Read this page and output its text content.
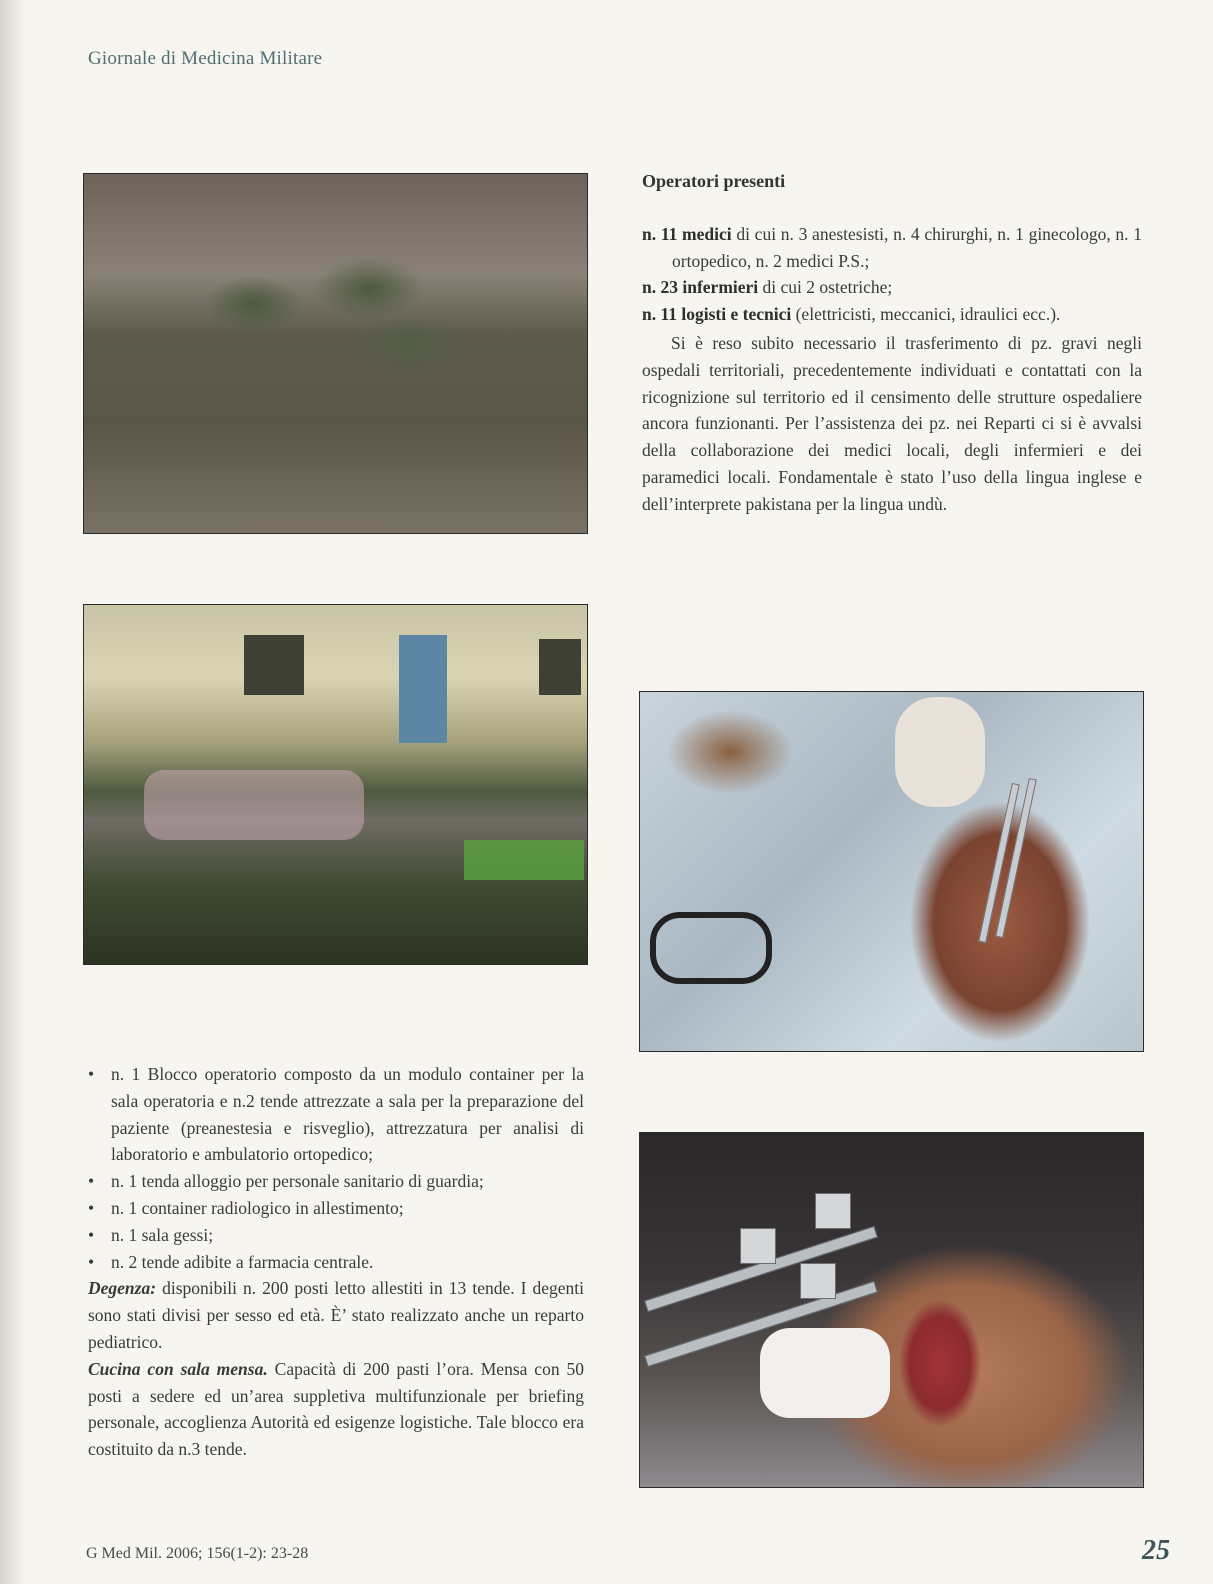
Giornale di Medicina Militare
Operatori presenti
n. 11 medici di cui n. 3 anestesisti, n. 4 chirurghi, n. 1 ginecologo, n. 1 ortopedico, n. 2 medici P.S.;
n. 23 infermieri di cui 2 ostetriche;
n. 11 logisti e tecnici (elettricisti, meccanici, idraulici ecc.).

Si è reso subito necessario il trasferimento di pz. gravi negli ospedali territoriali, precedentemente individuati e contattati con la ricognizione sul territorio ed il censimento delle strutture ospedaliere ancora funzionanti. Per l’assistenza dei pz. nei Reparti ci si è avvalsi della collaborazione dei medici locali, degli infermieri e dei paramedici locali. Fondamentale è stato l’uso della lingua inglese e dell’interprete pakistana per la lingua undù.

• n. 1 Blocco operatorio composto da un modulo container per la sala operatoria e n.2 tende attrezzate a sala per la preparazione del paziente (preanestesia e risveglio), attrezzatura per analisi di laboratorio e ambulatorio ortopedico;
• n. 1 tenda alloggio per personale sanitario di guardia;
• n. 1 container radiologico in allestimento;
• n. 1 sala gessi;
• n. 2 tende adibite a farmacia centrale.

Degenza: disponibili n. 200 posti letto allestiti in 13 tende. I degenti sono stati divisi per sesso ed età. È’ stato realizzato anche un reparto pediatrico.

Cucina con sala mensa. Capacità di 200 pasti l’ora. Mensa con 50 posti a sedere ed un’area suppletiva multifunzionale per briefing personale, accoglienza Autorità ed esigenze logistiche. Tale blocco era costituito da n.3 tende.

G Med Mil. 2006; 156(1-2): 23-28	25
